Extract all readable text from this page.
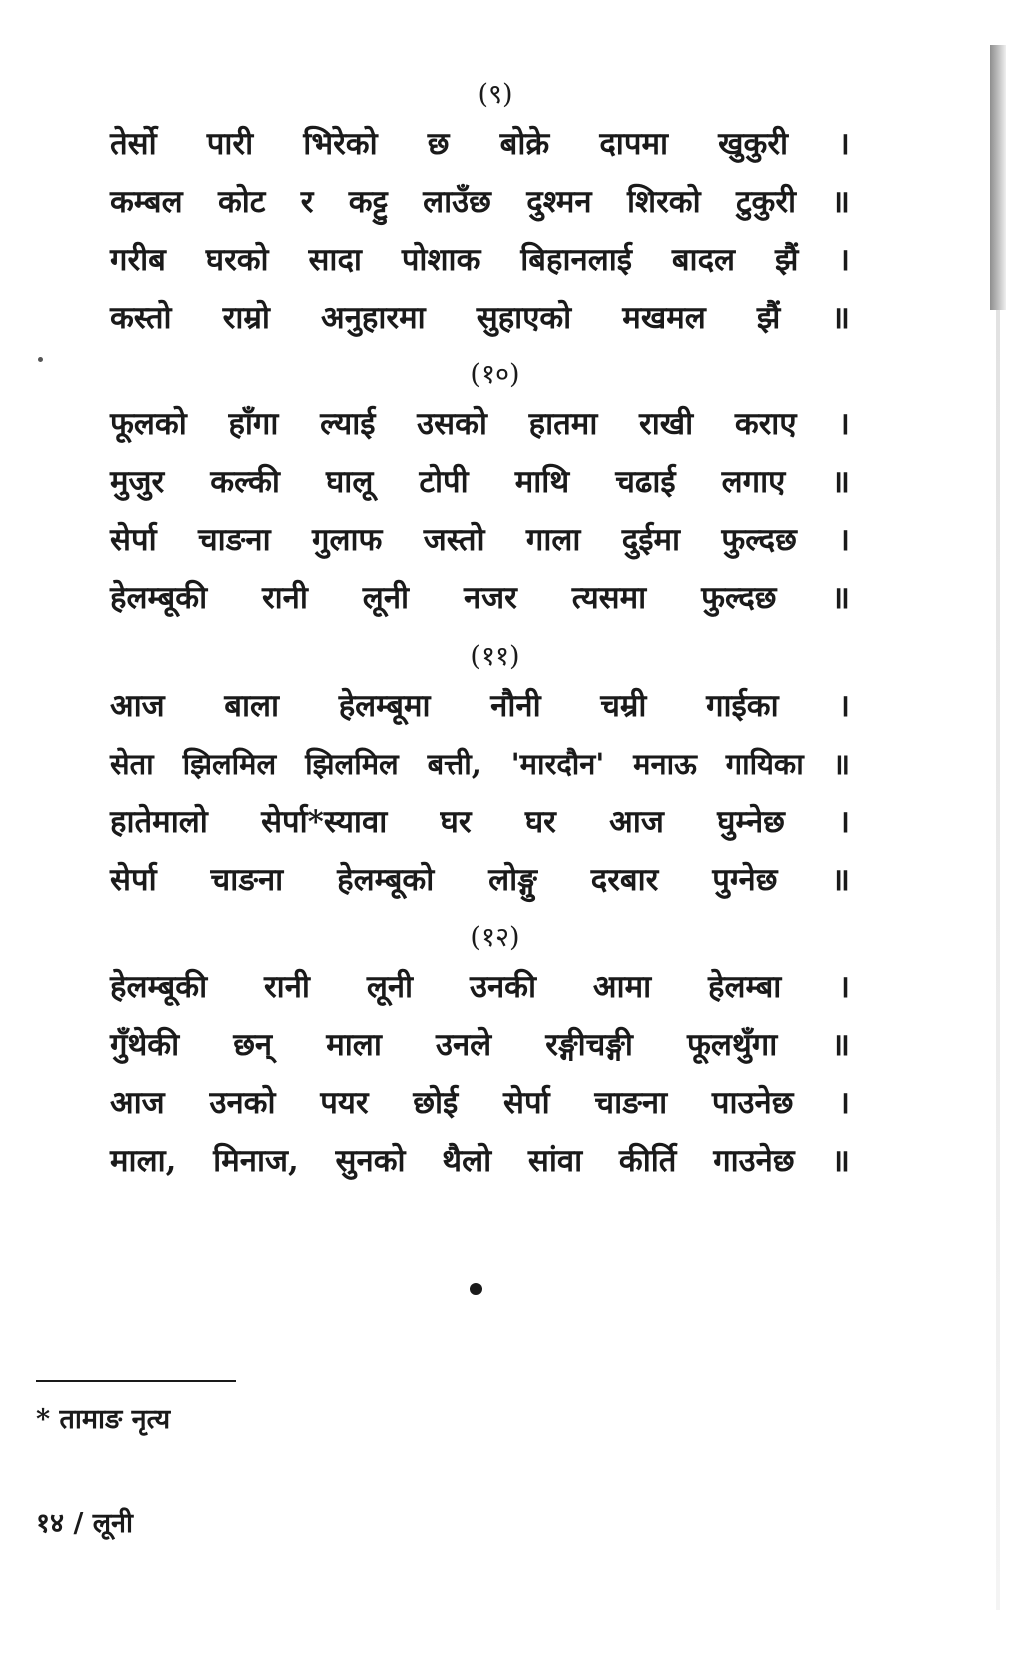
(९)
तेर्सो पारी भिरेको छ बोक्रे दापमा खुकुरी ।
कम्बल कोट र कट्टु लाउँछ दुश्मन शिरको टुकुरी ॥
गरीब घरको सादा पोशाक बिहानलाई बादल झैं ।
कस्तो राम्रो अनुहारमा सुहाएको मखमल झैं ॥
(१०)
फूलको हाँगा ल्याई उसको हातमा राखी कराए ।
मुजुर कल्की घालू टोपी माथि चढाई लगाए ॥
सेर्पा चाङना गुलाफ जस्तो गाला दुईमा फुल्दछ ।
हेलम्बूकी रानी लूनी नजर त्यसमा फुल्दछ ॥
(११)
आज बाला हेलम्बूमा नौनी चम्री गाईका ।
सेता झिलमिल झिलमिल बत्ती, 'मारदौन' मनाऊ गायिका ॥
हातेमालो सेर्पा*स्यावा घर घर आज घुम्नेछ ।
सेर्पा चाङना हेलम्बूको लोङ्गु दरबार पुग्नेछ ॥
(१२)
हेलम्बूकी रानी लूनी उनकी आमा हेलम्बा ।
गुँथेकी छन् माला उनले रङ्गीचङ्गी फूलथुँगा ॥
आज उनको पयर छोई सेर्पा चाङना पाउनेछ ।
माला, मिनाज, सुनको थैलो सांवा कीर्ति गाउनेछ ॥
* तामाङ नृत्य
१४ / लूनी
